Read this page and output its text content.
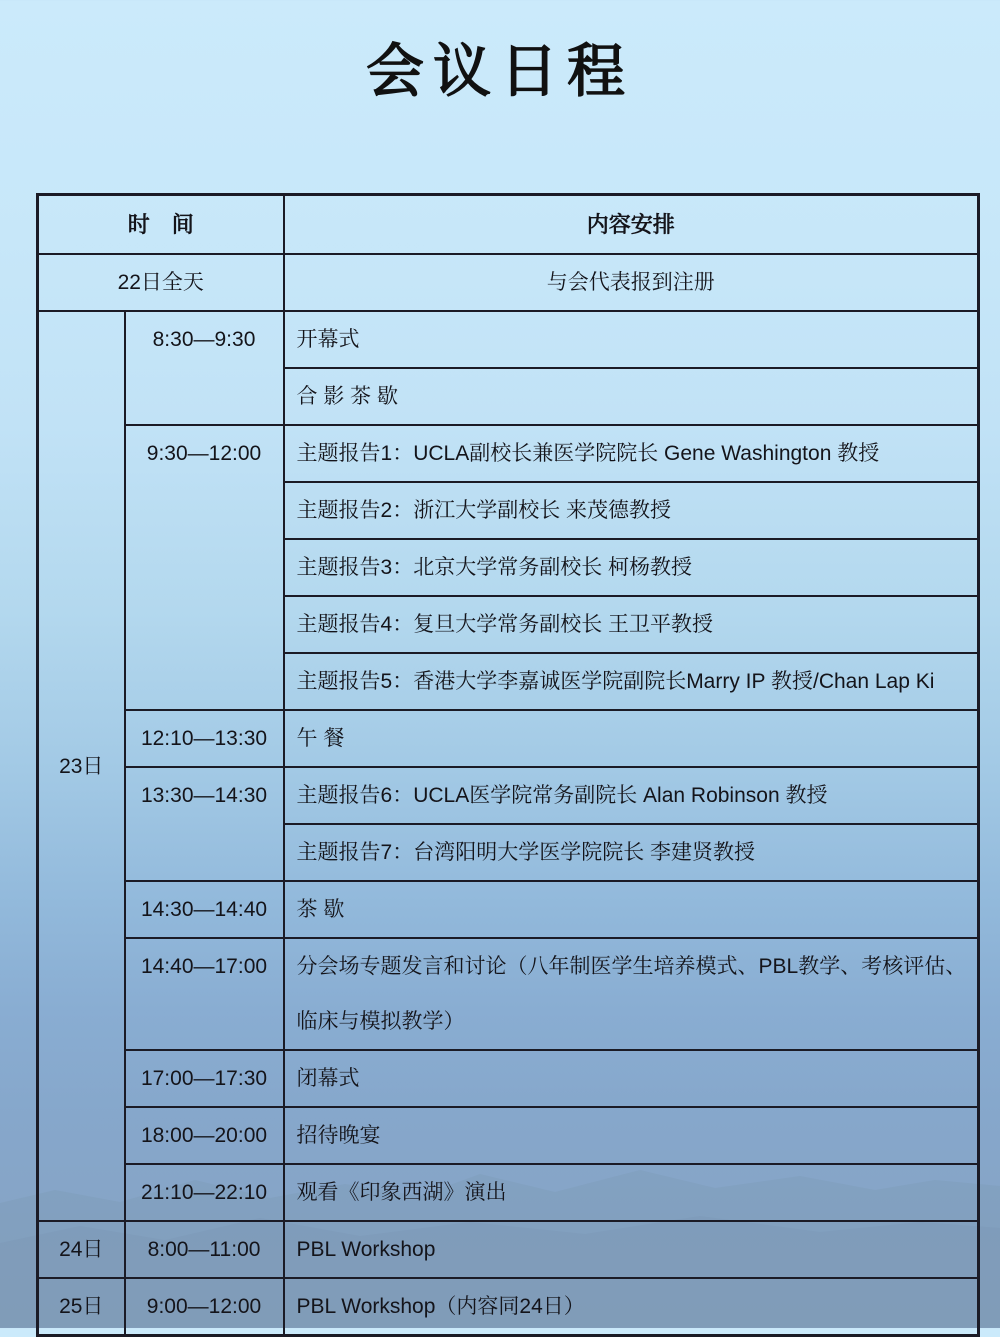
会议日程
时　间		内容安排
22日全天		与会代表报到注册
23日	8:30—9:30	开幕式
		合 影 茶 歇
	9:30—12:00	主题报告1：UCLA副校长兼医学院院长 Gene Washington 教授
		主题报告2：浙江大学副校长 来茂德教授
		主题报告3：北京大学常务副校长 柯杨教授
		主题报告4：复旦大学常务副校长 王卫平教授
		主题报告5：香港大学李嘉诚医学院副院长Marry IP 教授/Chan Lap Ki
	12:10—13:30	午 餐
	13:30—14:30	主题报告6：UCLA医学院常务副院长 Alan Robinson 教授
		主题报告7：台湾阳明大学医学院院长 李建贤教授
	14:30—14:40	茶 歇
	14:40—17:00	分会场专题发言和讨论（八年制医学生培养模式、PBL教学、考核评估、临床与模拟教学）
	17:00—17:30	闭幕式
	18:00—20:00	招待晚宴
	21:10—22:10	观看《印象西湖》演出
24日	8:00—11:00	PBL Workshop
25日	9:00—12:00	PBL Workshop（内容同24日）
